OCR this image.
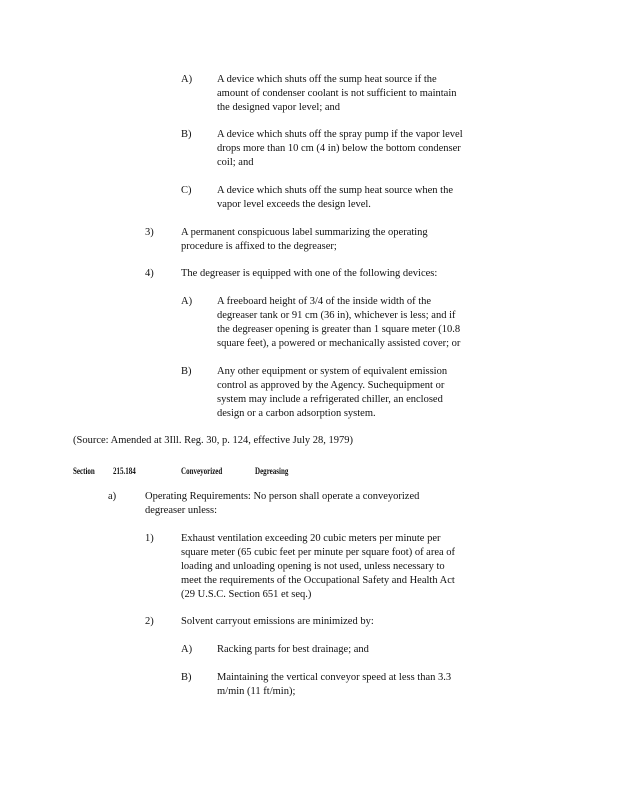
A) A device which shuts off the sump heat source if the
amount of condenser coolant is not sufficient to maintain
the designed vapor level; and
B) A device which shuts off the spray pump if the vapor level
drops more than 10 cm (4 in) below the bottom condenser
coil; and
C) A device which shuts off the sump heat source when the
vapor level exceeds the design level.
3)	A permanent conspicuous label summarizing the operating
procedure is affixed to the degreaser;
4)	The degreaser is equipped with one of the following devices:
A) A freeboard height of 3/4 of the inside width of the
degreaser tank or 91 cm (36 in), whichever is less; and if
the degreaser opening is greater than 1 square meter (10.8
square feet), a powered or mechanically assisted cover; or
B) Any other equipment or system of equivalent emission
control as approved by the Agency. Suchequipment or
system may include a refrigerated chiller, an enclosed
design or a carbon adsorption system.
(Source: Amended at 3Ill. Reg. 30, p. 124, effective July 28, 1979)
Section 215.184	Conveyorized	Degreasing
a)	Operating Requirements: No person shall operate a conveyorized
degreaser unless:
1)	Exhaust ventilation exceeding 20 cubic meters per minute per
square meter (65 cubic feet per minute per square foot) of area of
loading and unloading opening is not used, unless necessary to
meet the requirements of the Occupational Safety and Health Act
(29 U.S.C. Section 651 et seq.)
2)	Solvent carryout emissions are minimized by:
A) Racking parts for best drainage; and
B) Maintaining the vertical conveyor speed at less than 3.3
m/min (11 ft/min);
